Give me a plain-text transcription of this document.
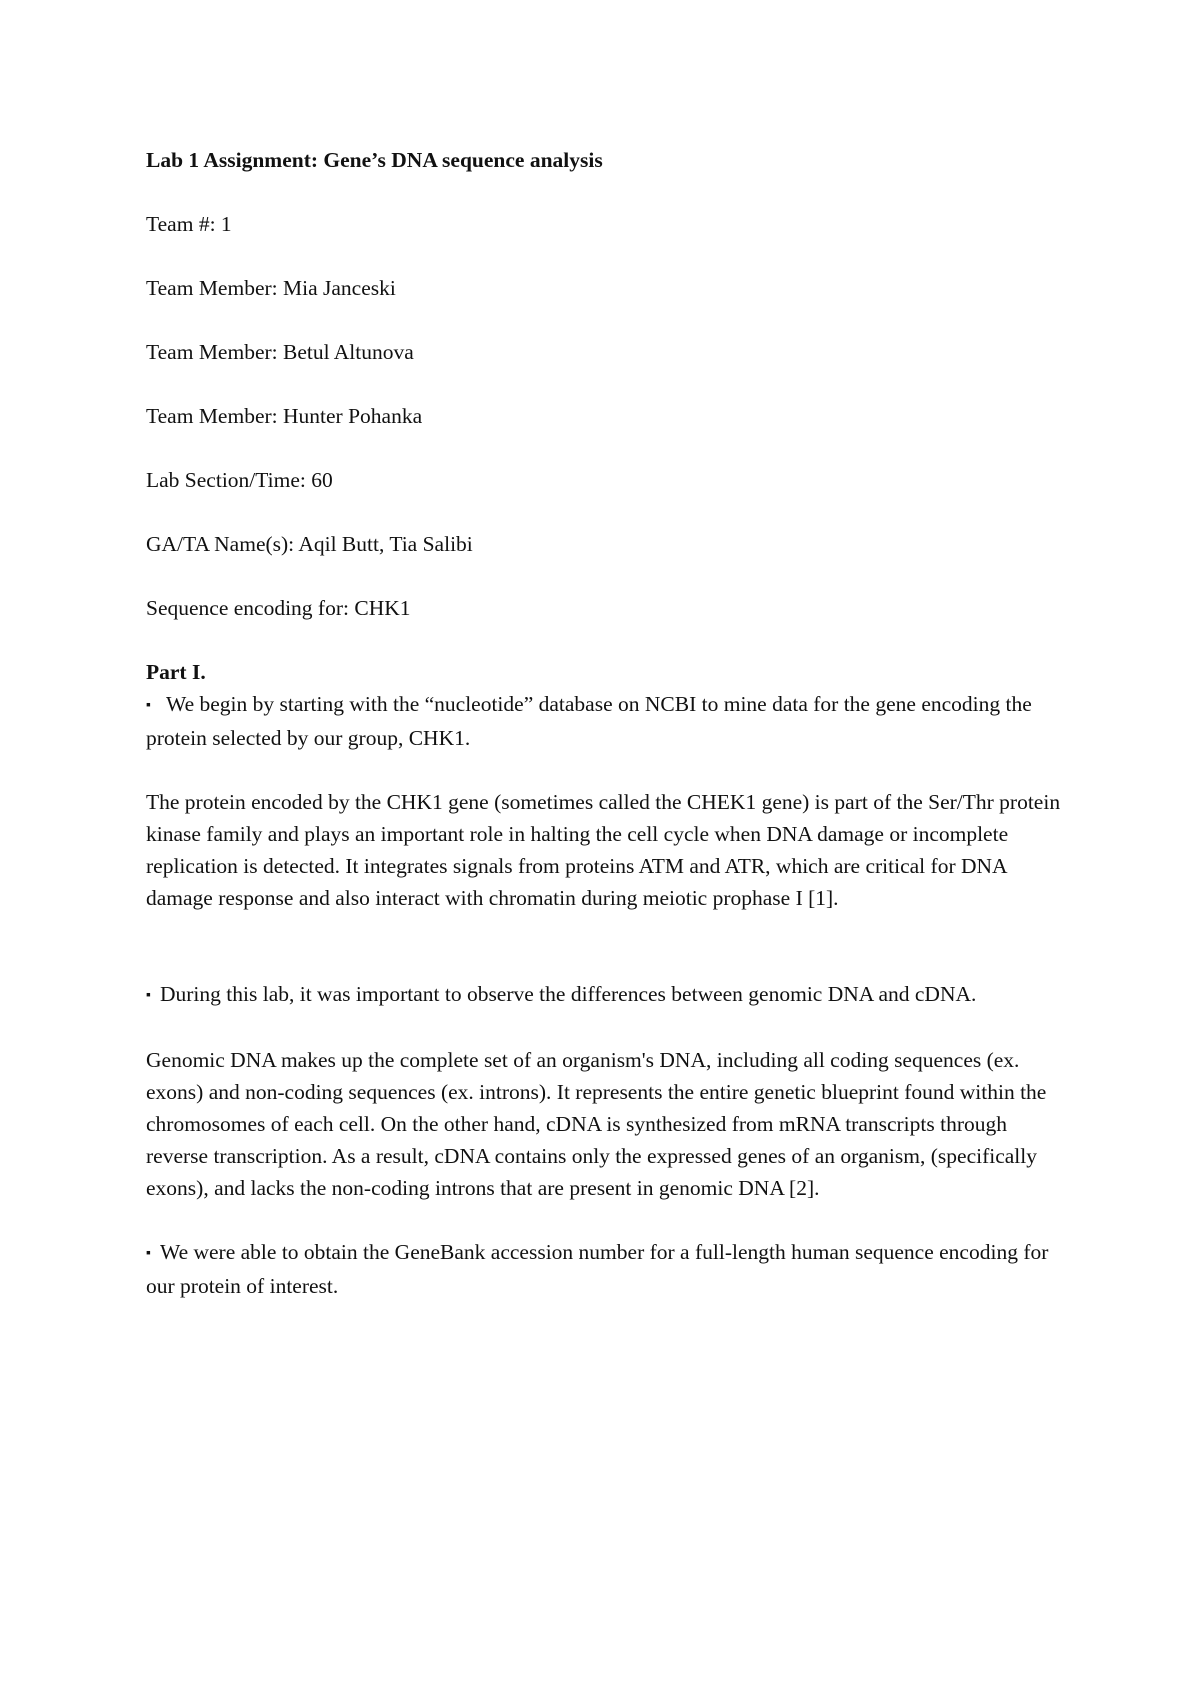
Lab 1 Assignment: Gene’s DNA sequence analysis

Team #: 1

Team Member: Mia Janceski

Team Member: Betul Altunova

Team Member: Hunter Pohanka

Lab Section/Time: 60

GA/TA Name(s): Aqil Butt, Tia Salibi

Sequence encoding for: CHK1

Part I.

▪ We begin by starting with the “nucleotide” database on NCBI to mine data for the gene encoding the protein selected by our group, CHK1.

The protein encoded by the CHK1 gene (sometimes called the CHEK1 gene) is part of the Ser/Thr protein kinase family and plays an important role in halting the cell cycle when DNA damage or incomplete replication is detected. It integrates signals from proteins ATM and ATR, which are critical for DNA damage response and also interact with chromatin during meiotic prophase I [1].

▪ During this lab, it was important to observe the differences between genomic DNA and cDNA.

Genomic DNA makes up the complete set of an organism's DNA, including all coding sequences (ex. exons) and non-coding sequences (ex. introns). It represents the entire genetic blueprint found within the chromosomes of each cell. On the other hand, cDNA is synthesized from mRNA transcripts through reverse transcription. As a result, cDNA contains only the expressed genes of an organism, (specifically exons), and lacks the non-coding introns that are present in genomic DNA [2].

▪ We were able to obtain the GeneBank accession number for a full-length human sequence encoding for our protein of interest.
